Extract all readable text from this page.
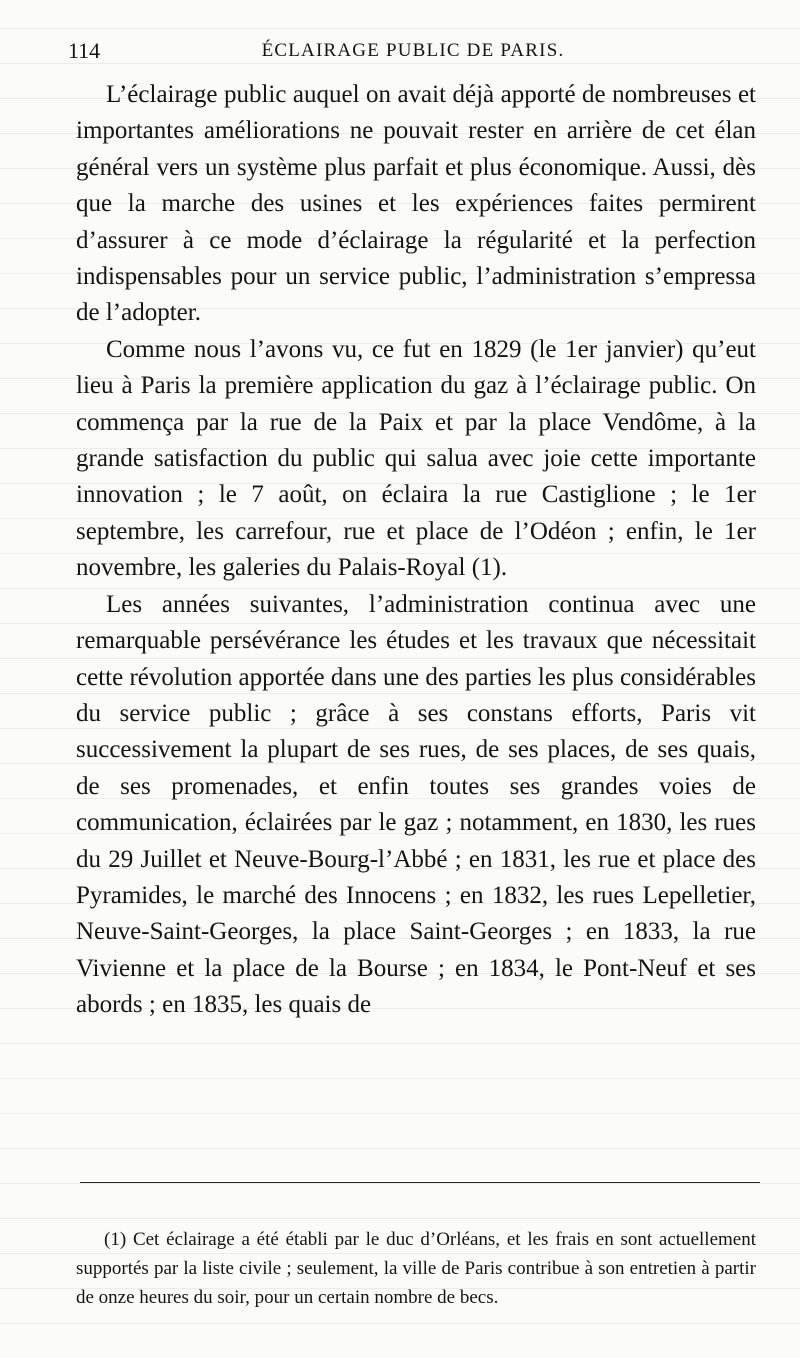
114	ÉCLAIRAGE PUBLIC DE PARIS.

L’éclairage public auquel on avait déjà apporté de nombreuses et importantes améliorations ne pouvait rester en arrière de cet élan général vers un système plus parfait et plus économique. Aussi, dès que la marche des usines et les expériences faites permirent d’assurer à ce mode d’éclairage la régularité et la perfection indispensables pour un service public, l’administration s’empressa de l’adopter.

Comme nous l’avons vu, ce fut en 1829 (le 1er janvier) qu’eut lieu à Paris la première application du gaz à l’éclairage public. On commença par la rue de la Paix et par la place Vendôme, à la grande satisfaction du public qui salua avec joie cette importante innovation ; le 7 août, on éclaira la rue Castiglione ; le 1er septembre, les carrefour, rue et place de l’Odéon ; enfin, le 1er novembre, les galeries du Palais-Royal (1).

Les années suivantes, l’administration continua avec une remarquable persévérance les études et les travaux que nécessitait cette révolution apportée dans une des parties les plus considérables du service public ; grâce à ses constans efforts, Paris vit successivement la plupart de ses rues, de ses places, de ses quais, de ses promenades, et enfin toutes ses grandes voies de communication, éclairées par le gaz ; notamment, en 1830, les rues du 29 Juillet et Neuve-Bourg-l’Abbé ; en 1831, les rue et place des Pyramides, le marché des Innocens ; en 1832, les rues Lepelletier, Neuve-Saint-Georges, la place Saint-Georges ; en 1833, la rue Vivienne et la place de la Bourse ; en 1834, le Pont-Neuf et ses abords ; en 1835, les quais de

(1) Cet éclairage a été établi par le duc d’Orléans, et les frais en sont actuellement supportés par la liste civile ; seulement, la ville de Paris contribue à son entretien à partir de onze heures du soir, pour un certain nombre de becs.
